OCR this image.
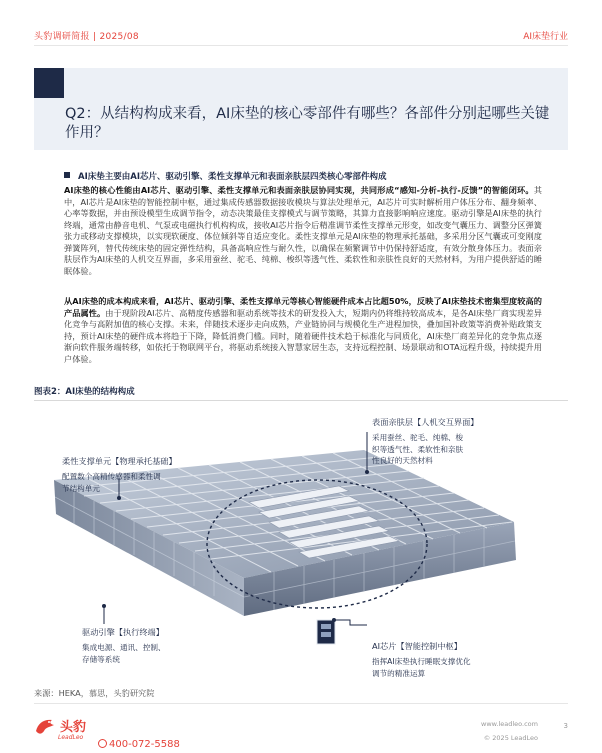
头豹调研简报 | 2025/08	AI床垫行业
Q2：从结构构成来看，AI床垫的核心零部件有哪些？各部件分别起哪些关键作用？
AI床垫主要由AI芯片、驱动引擎、柔性支撑单元和表面亲肤层四类核心零部件构成
AI床垫的核心性能由AI芯片、驱动引擎、柔性支撑单元和表面亲肤层协同实现，共同形成“感知-分析-执行-反馈”的智能闭环。其中，AI芯片是AI床垫的智能控制中枢，通过集成传感器数据接收模块与算法处理单元，AI芯片可实时解析用户体压分布、翻身频率、心率等数据，并由预设模型生成调节指令，动态决策最佳支撑模式与调节策略，其算力直接影响响应速度。驱动引擎是AI床垫的执行终端，通常由静音电机、气泵或电磁执行机构构成，接收AI芯片指令后精准调节柔性支撑单元形变，如改变气囊压力、调整分区弹簧张力或移动支撑模块，以实现软硬度、体位倾斜等自适应变化。柔性支撑单元是AI床垫的物理承托基础，多采用分区气囊或可变刚度弹簧阵列，替代传统床垫的固定弹性结构，具备高响应性与耐久性，以确保在频繁调节中仍保持舒适度，有效分散身体压力。表面亲肤层作为AI床垫的人机交互界面，多采用蚕丝、驼毛、纯棉、梭织等透气性、柔软性和亲肤性良好的天然材料，为用户提供舒适的睡眠体验。
从AI床垫的成本构成来看，AI芯片、驱动引擎、柔性支撑单元等核心智能硬件成本占比超50%，反映了AI床垫技术密集型度较高的产品属性。由于现阶段AI芯片、高精度传感器和驱动系统等技术的研发投入大，短期内仍将维持较高成本，是各AI床垫厂商实现差异化竞争与高附加值的核心支撑。未来，伴随技术逐步走向成熟，产业链协同与规模化生产进程加快，叠加国补政策等消费补贴政策支持，预计AI床垫的硬件成本将趋于下降，降低消费门槛。同时，随着硬件技术趋于标准化与同质化，AI床垫厂商差异化的竞争焦点逐渐向软件服务端转移，如依托于物联网平台，将驱动系统接入智慧家居生态，支持远程控制、场景联动和OTA远程升级，持续提升用户体验。
图表2：AI床垫的结构构成
表面亲肤层【人机交互界面】
采用蚕丝、驼毛、纯棉、梭
织等透气性、柔软性和亲肤
性良好的天然材料
柔性支撑单元【物理承托基础】
配置数个高精传感器和柔性调
节结构单元
驱动引擎【执行终端】
集成电源、通讯、控制、
存储等系统
AI芯片【智能控制中枢】
指挥AI床垫执行睡眠支撑优化
调节的精准运算
来源：HEKA，慕思，头豹研究院
头豹
LeadLeo
400-072-5588
www.leadleo.com
© 2025 LeadLeo
3
